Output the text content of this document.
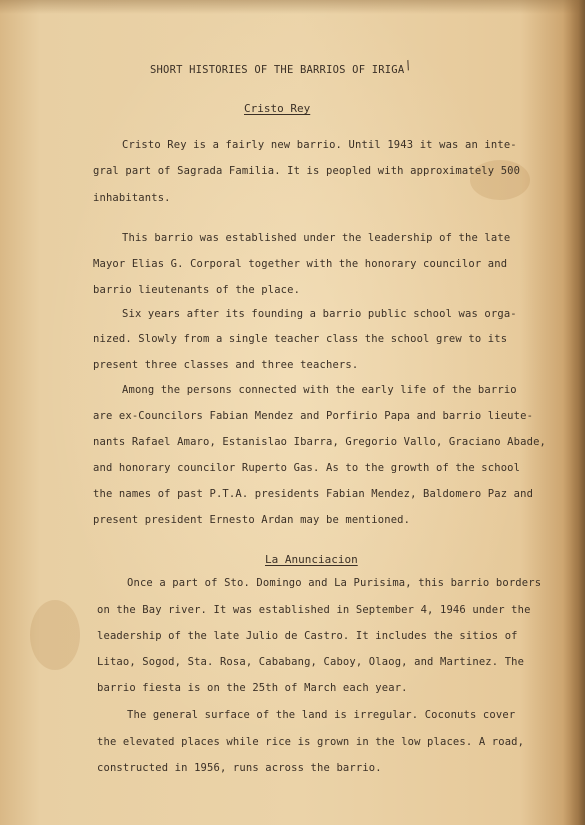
SHORT HISTORIES OF THE BARRIOS OF IRIGA /
Cristo Rey
Cristo Rey is a fairly new barrio. Until 1943 it was an inte-
gral part of Sagrada Familia. It is peopled with approximately 500
inhabitants.
This barrio was established under the leadership of the late
Mayor Elias G. Corporal together with the honorary councilor and
barrio lieutenants of the place.
Six years after its founding a barrio public school was orga-
nized. Slowly from a single teacher class the school grew to its
present three classes and three teachers.
Among the persons connected with the early life of the barrio
are ex-Councilors Fabian Mendez and Porfirio Papa and barrio lieute-
nants Rafael Amaro, Estanislao Ibarra, Gregorio Vallo, Graciano Abade,
and honorary councilor Ruperto Gas. As to the growth of the school
the names of past P.T.A. presidents Fabian Mendez, Baldomero Paz and
present president Ernesto Ardan may be mentioned.
La Anunciacion
Once a part of Sto. Domingo and La Purisima, this barrio borders
on the Bay river. It was established in September 4, 1946 under the
leadership of the late Julio de Castro. It includes the sitios of
Litao, Sogod, Sta. Rosa, Cababang, Caboy, Olaog, and Martinez. The
barrio fiesta is on the 25th of March each year.
The general surface of the land is irregular. Coconuts cover
the elevated places while rice is grown in the low places. A road,
constructed in 1956, runs across the barrio.
